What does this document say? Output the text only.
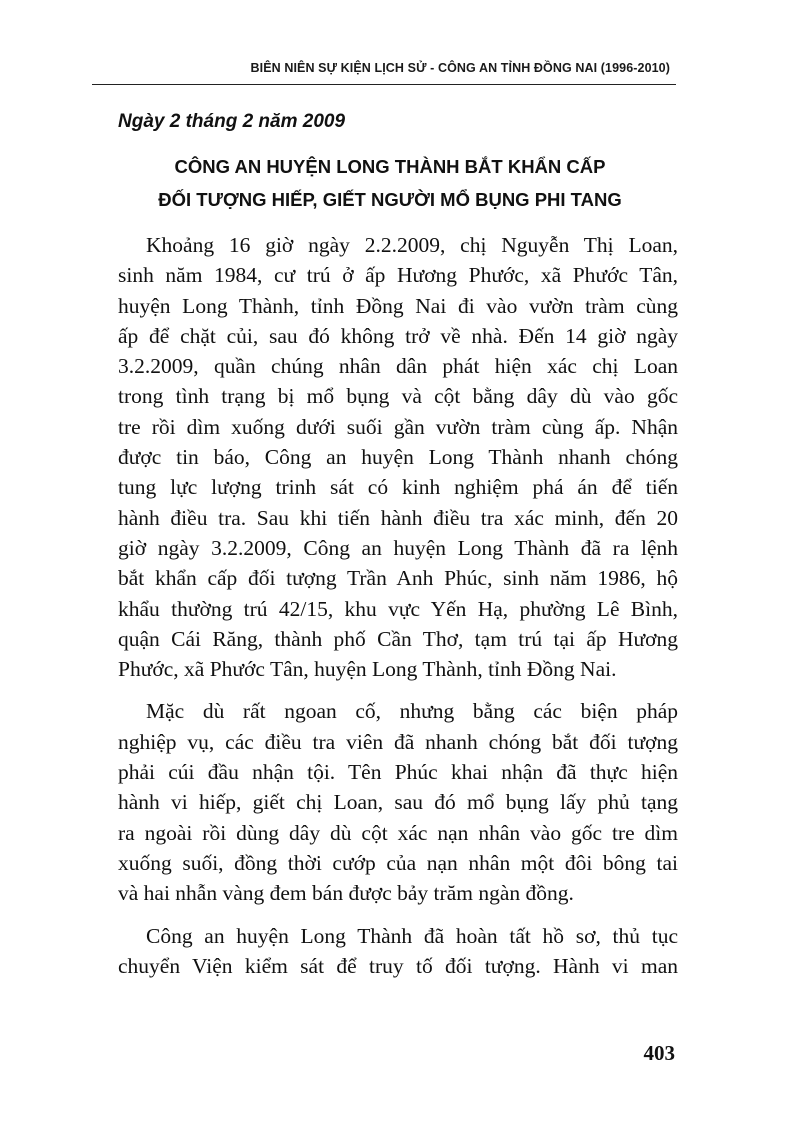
BIÊN NIÊN SỰ KIỆN LỊCH SỬ - CÔNG AN TỈNH ĐỒNG NAI (1996-2010)
Ngày 2 tháng 2 năm 2009
CÔNG AN HUYỆN LONG THÀNH BẮT KHẨN CẤP
ĐỐI TƯỢNG HIẾP, GIẾT NGƯỜI MỔ BỤNG PHI TANG

Khoảng 16 giờ ngày 2.2.2009, chị Nguyễn Thị Loan,
sinh năm 1984, cư trú ở ấp Hương Phước, xã Phước Tân,
huyện Long Thành, tỉnh Đồng Nai đi vào vườn tràm cùng
ấp để chặt củi, sau đó không trở về nhà. Đến 14 giờ ngày
3.2.2009, quần chúng nhân dân phát hiện xác chị Loan
trong tình trạng bị mổ bụng và cột bằng dây dù vào gốc
tre rồi dìm xuống dưới suối gần vườn tràm cùng ấp. Nhận
được tin báo, Công an huyện Long Thành nhanh chóng
tung lực lượng trinh sát có kinh nghiệm phá án để tiến
hành điều tra. Sau khi tiến hành điều tra xác minh, đến 20
giờ ngày 3.2.2009, Công an huyện Long Thành đã ra lệnh
bắt khẩn cấp đối tượng Trần Anh Phúc, sinh năm 1986, hộ
khẩu thường trú 42/15, khu vực Yến Hạ, phường Lê Bình,
quận Cái Răng, thành phố Cần Thơ, tạm trú tại ấp Hương
Phước, xã Phước Tân, huyện Long Thành, tỉnh Đồng Nai.

Mặc dù rất ngoan cố, nhưng bằng các biện pháp
nghiệp vụ, các điều tra viên đã nhanh chóng bắt đối tượng
phải cúi đầu nhận tội. Tên Phúc khai nhận đã thực hiện
hành vi hiếp, giết chị Loan, sau đó mổ bụng lấy phủ tạng
ra ngoài rồi dùng dây dù cột xác nạn nhân vào gốc tre dìm
xuống suối, đồng thời cướp của nạn nhân một đôi bông tai
và hai nhẫn vàng đem bán được bảy trăm ngàn đồng.

Công an huyện Long Thành đã hoàn tất hồ sơ, thủ tục
chuyển Viện kiểm sát để truy tố đối tượng. Hành vi man

403
